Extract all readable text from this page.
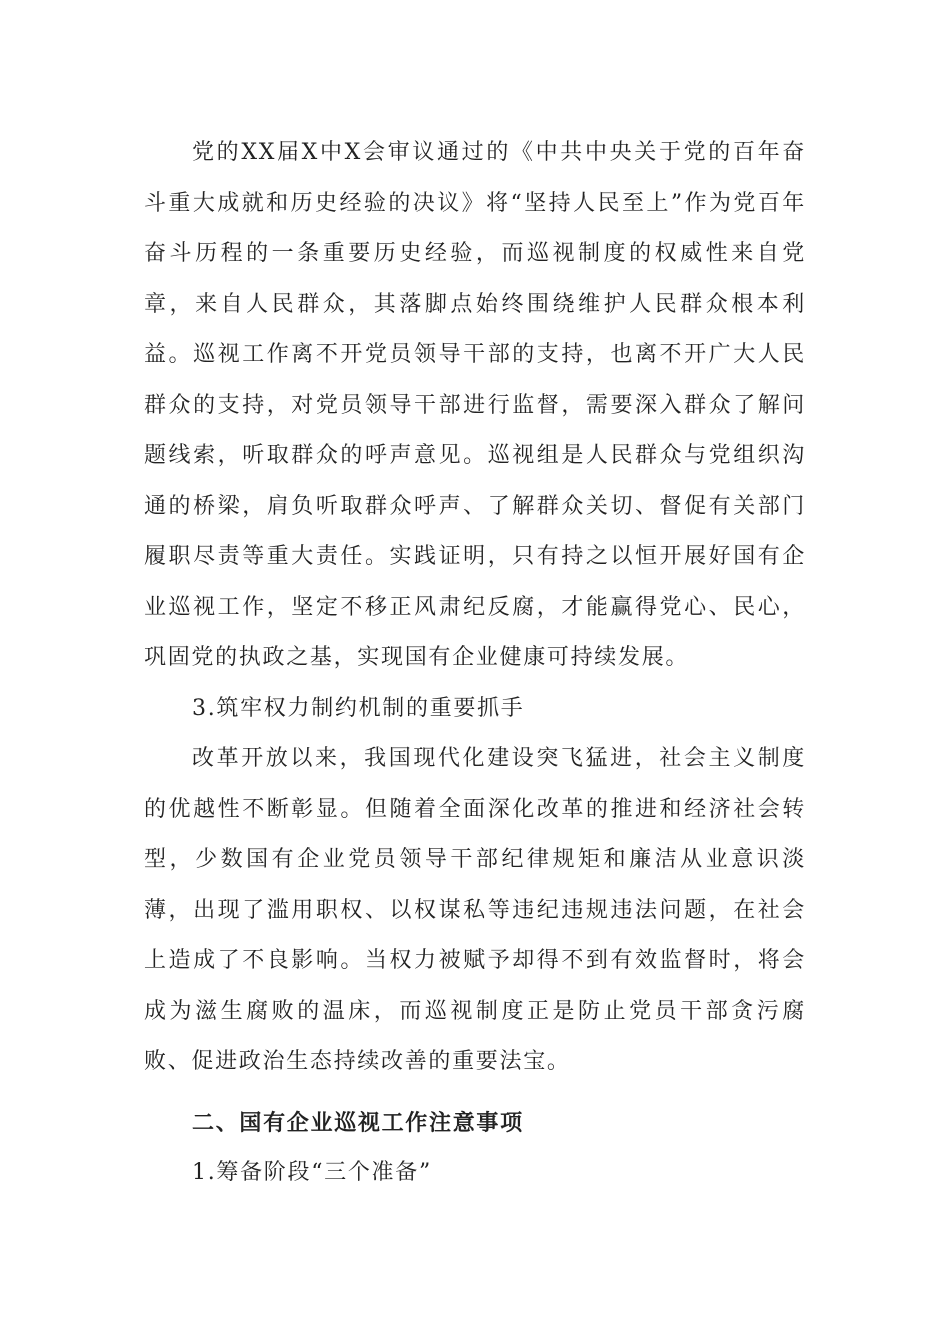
党的XX届X中X会审议通过的《中共中央关于党的百年奋斗重大成就和历史经验的决议》将“坚持人民至上”作为党百年奋斗历程的一条重要历史经验，而巡视制度的权威性来自党章，来自人民群众，其落脚点始终围绕维护人民群众根本利益。巡视工作离不开党员领导干部的支持，也离不开广大人民群众的支持，对党员领导干部进行监督，需要深入群众了解问题线索，听取群众的呼声意见。巡视组是人民群众与党组织沟通的桥梁，肩负听取群众呼声、了解群众关切、督促有关部门履职尽责等重大责任。实践证明，只有持之以恒开展好国有企业巡视工作，坚定不移正风肃纪反腐，才能赢得党心、民心，巩固党的执政之基，实现国有企业健康可持续发展。

3.筑牢权力制约机制的重要抓手

改革开放以来，我国现代化建设突飞猛进，社会主义制度的优越性不断彰显。但随着全面深化改革的推进和经济社会转型，少数国有企业党员领导干部纪律规矩和廉洁从业意识淡薄，出现了滥用职权、以权谋私等违纪违规违法问题，在社会上造成了不良影响。当权力被赋予却得不到有效监督时，将会成为滋生腐败的温床，而巡视制度正是防止党员干部贪污腐败、促进政治生态持续改善的重要法宝。

二、国有企业巡视工作注意事项

1.筹备阶段“三个准备”
